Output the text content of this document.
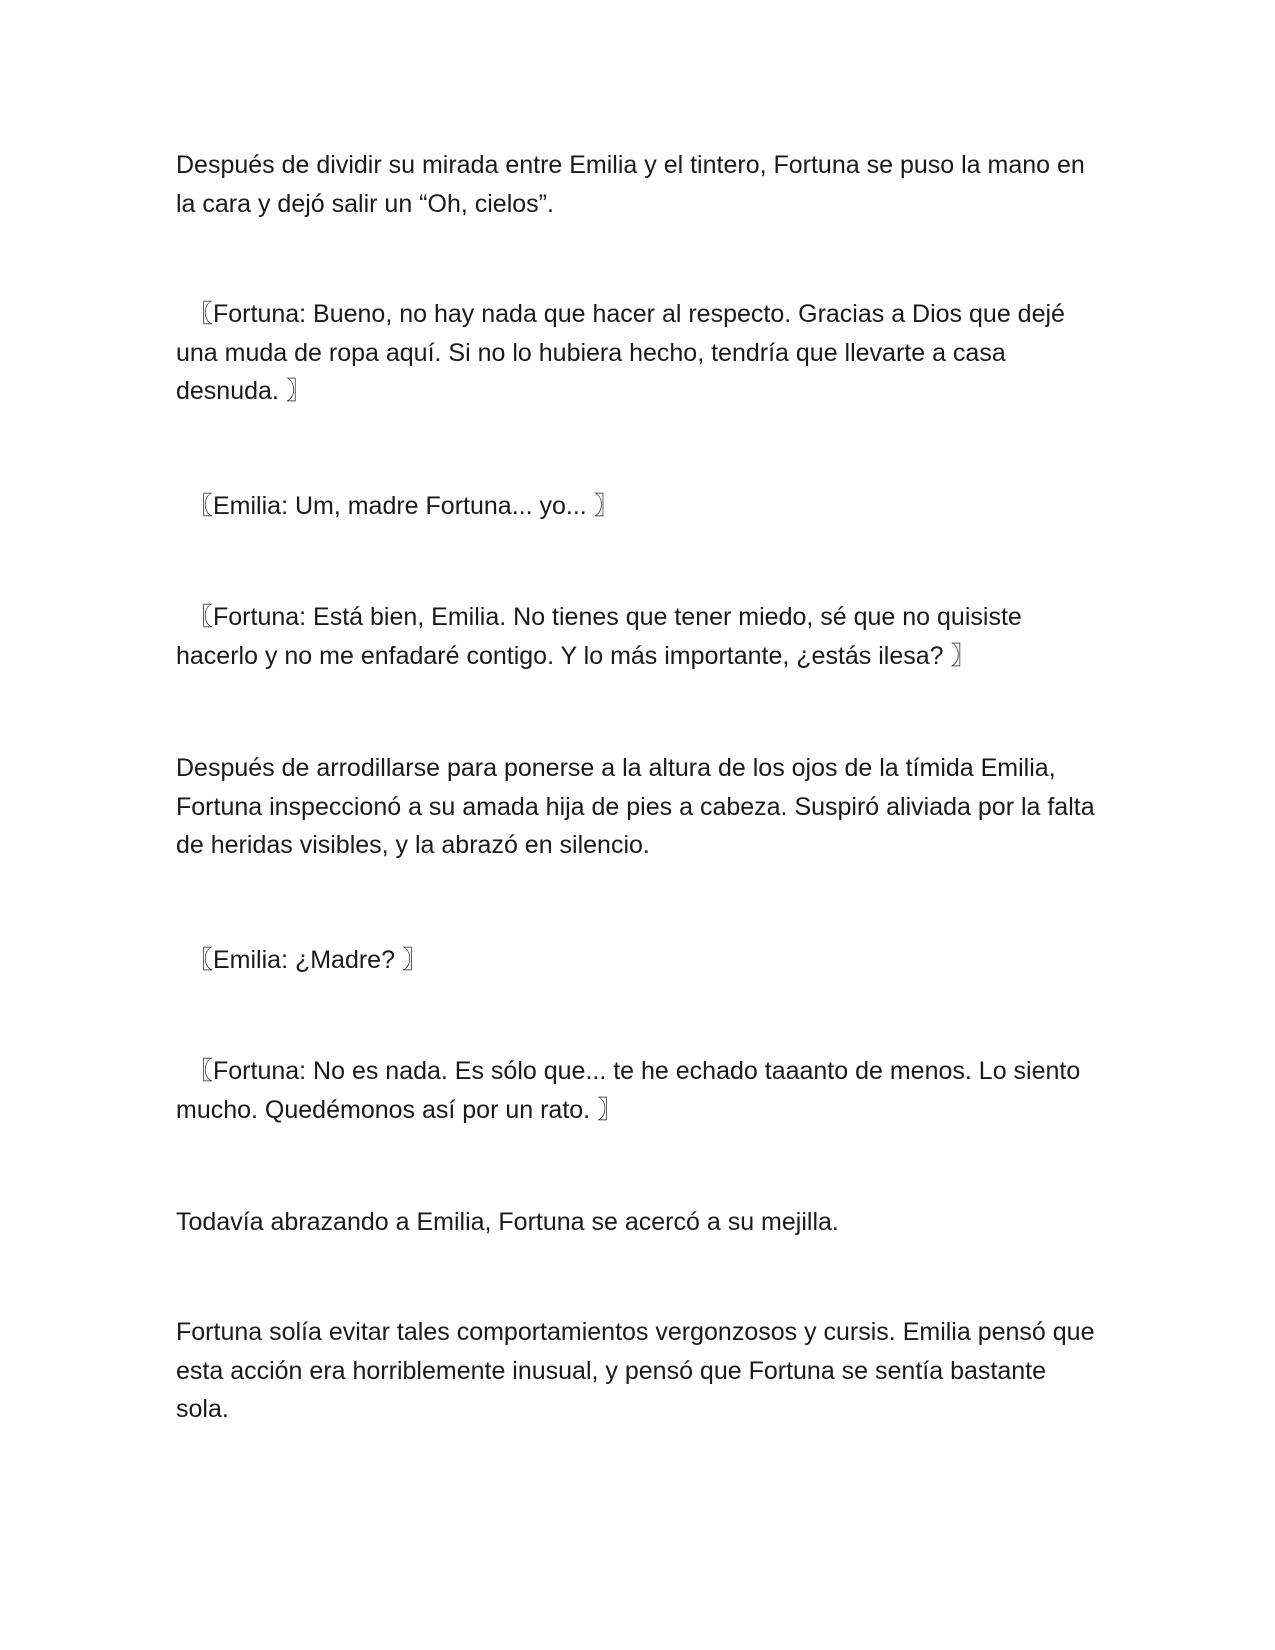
Después de dividir su mirada entre Emilia y el tintero, Fortuna se puso la mano en la cara y dejó salir un “Oh, cielos”.

〖Fortuna: Bueno, no hay nada que hacer al respecto. Gracias a Dios que dejé una muda de ropa aquí. Si no lo hubiera hecho, tendría que llevarte a casa desnuda. 〗

〖Emilia: Um, madre Fortuna... yo... 〗

〖Fortuna: Está bien, Emilia. No tienes que tener miedo, sé que no quisiste hacerlo y no me enfadaré contigo. Y lo más importante, ¿estás ilesa? 〗

Después de arrodillarse para ponerse a la altura de los ojos de la tímida Emilia, Fortuna inspeccionó a su amada hija de pies a cabeza. Suspiró aliviada por la falta de heridas visibles, y la abrazó en silencio.

〖Emilia: ¿Madre? 〗

〖Fortuna: No es nada. Es sólo que... te he echado taaanto de menos. Lo siento mucho. Quedémonos así por un rato. 〗

Todavía abrazando a Emilia, Fortuna se acercó a su mejilla.

Fortuna solía evitar tales comportamientos vergonzosos y cursis. Emilia pensó que esta acción era horriblemente inusual, y pensó que Fortuna se sentía bastante sola.
